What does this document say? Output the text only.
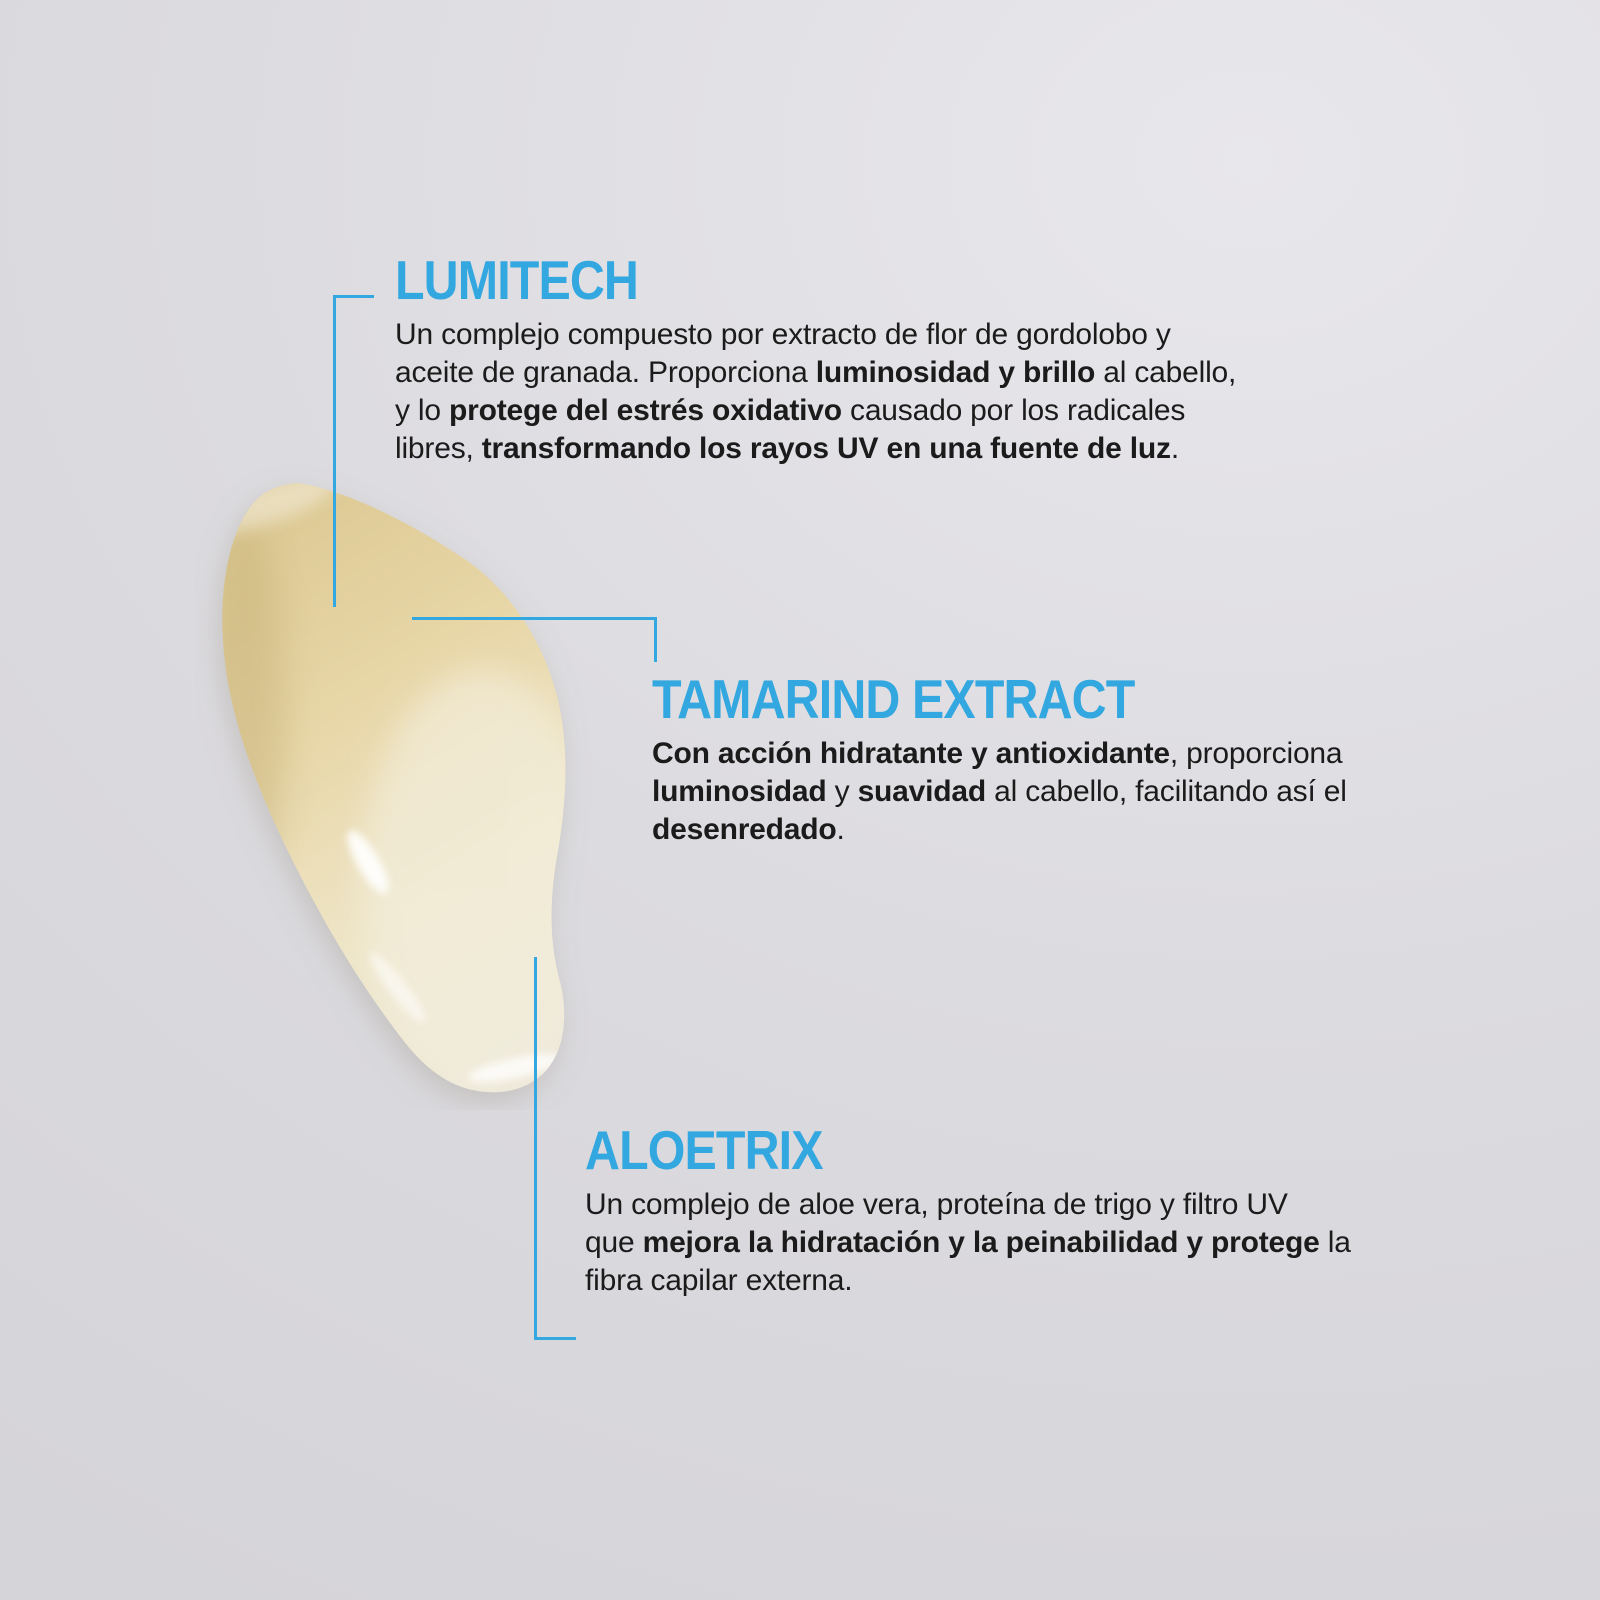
LUMITECH
Un complejo compuesto por extracto de flor de gordolobo y
aceite de granada. Proporciona luminosidad y brillo al cabello,
y lo protege del estrés oxidativo causado por los radicales
libres, transformando los rayos UV en una fuente de luz.
TAMARIND EXTRACT
Con acción hidratante y antioxidante, proporciona
luminosidad y suavidad al cabello, facilitando así el
desenredado.
ALOETRIX
Un complejo de aloe vera, proteína de trigo y filtro UV
que mejora la hidratación y la peinabilidad y protege la
fibra capilar externa.
